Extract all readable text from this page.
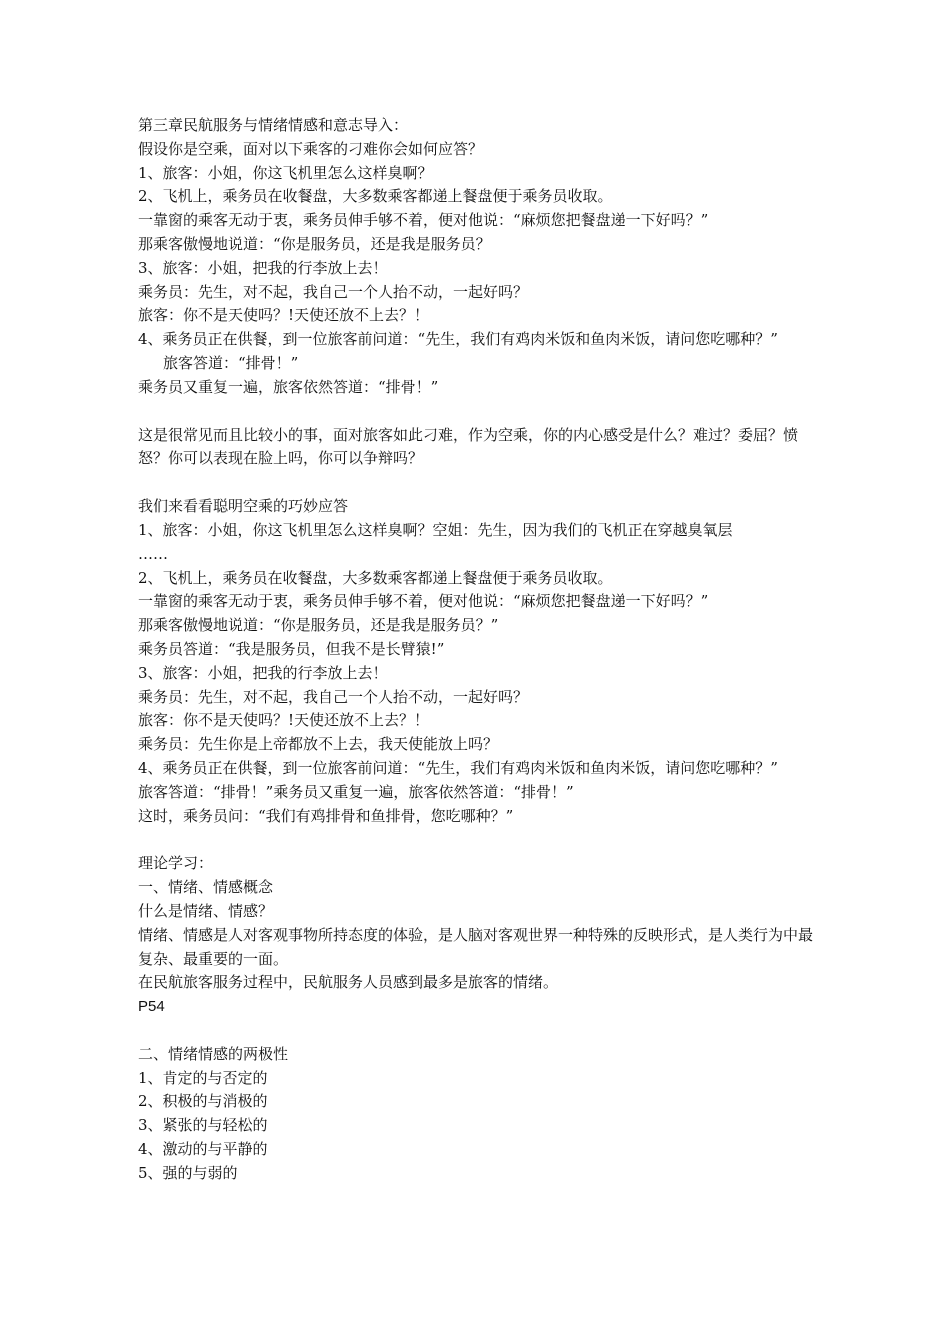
第三章民航服务与情绪情感和意志导入：

假设你是空乘，面对以下乘客的刁难你会如何应答？

1、旅客：小姐，你这飞机里怎么这样臭啊？

2、飞机上，乘务员在收餐盘，大多数乘客都递上餐盘便于乘务员收取。

一靠窗的乘客无动于衷，乘务员伸手够不着，便对他说：“麻烦您把餐盘递一下好吗？”

那乘客傲慢地说道：“你是服务员，还是我是服务员？

3、旅客：小姐，把我的行李放上去！

乘务员：先生，对不起，我自己一个人抬不动，一起好吗？

旅客：你不是天使吗？!天使还放不上去？！

4、乘务员正在供餐，到一位旅客前问道：“先生，我们有鸡肉米饭和鱼肉米饭，请问您吃哪种？”

旅客答道：“排骨！”

乘务员又重复一遍，旅客依然答道：“排骨！”

这是很常见而且比较小的事，面对旅客如此刁难，作为空乘，你的内心感受是什么？难过？委屈？愤怒？你可以表现在脸上吗，你可以争辩吗？

我们来看看聪明空乘的巧妙应答

1、旅客：小姐，你这飞机里怎么这样臭啊？空姐：先生，因为我们的飞机正在穿越臭氧层

……

2、飞机上，乘务员在收餐盘，大多数乘客都递上餐盘便于乘务员收取。

一靠窗的乘客无动于衷，乘务员伸手够不着，便对他说：“麻烦您把餐盘递一下好吗？”

那乘客傲慢地说道：“你是服务员，还是我是服务员？”

乘务员答道：“我是服务员，但我不是长臂猿!”

3、旅客：小姐，把我的行李放上去！

乘务员：先生，对不起，我自己一个人抬不动，一起好吗？

旅客：你不是天使吗？!天使还放不上去？！

乘务员：先生你是上帝都放不上去，我天使能放上吗？

4、乘务员正在供餐，到一位旅客前问道：“先生，我们有鸡肉米饭和鱼肉米饭，请问您吃哪种？”

旅客答道：“排骨！”乘务员又重复一遍，旅客依然答道：“排骨！”

这时，乘务员问：“我们有鸡排骨和鱼排骨，您吃哪种？”

理论学习：

一、情绪、情感概念

什么是情绪、情感？

情绪、情感是人对客观事物所持态度的体验，是人脑对客观世界一种特殊的反映形式，是人类行为中最复杂、最重要的一面。

在民航旅客服务过程中，民航服务人员感到最多是旅客的情绪。

P54

二、情绪情感的两极性

1、肯定的与否定的

2、积极的与消极的

3、紧张的与轻松的

4、激动的与平静的

5、强的与弱的
